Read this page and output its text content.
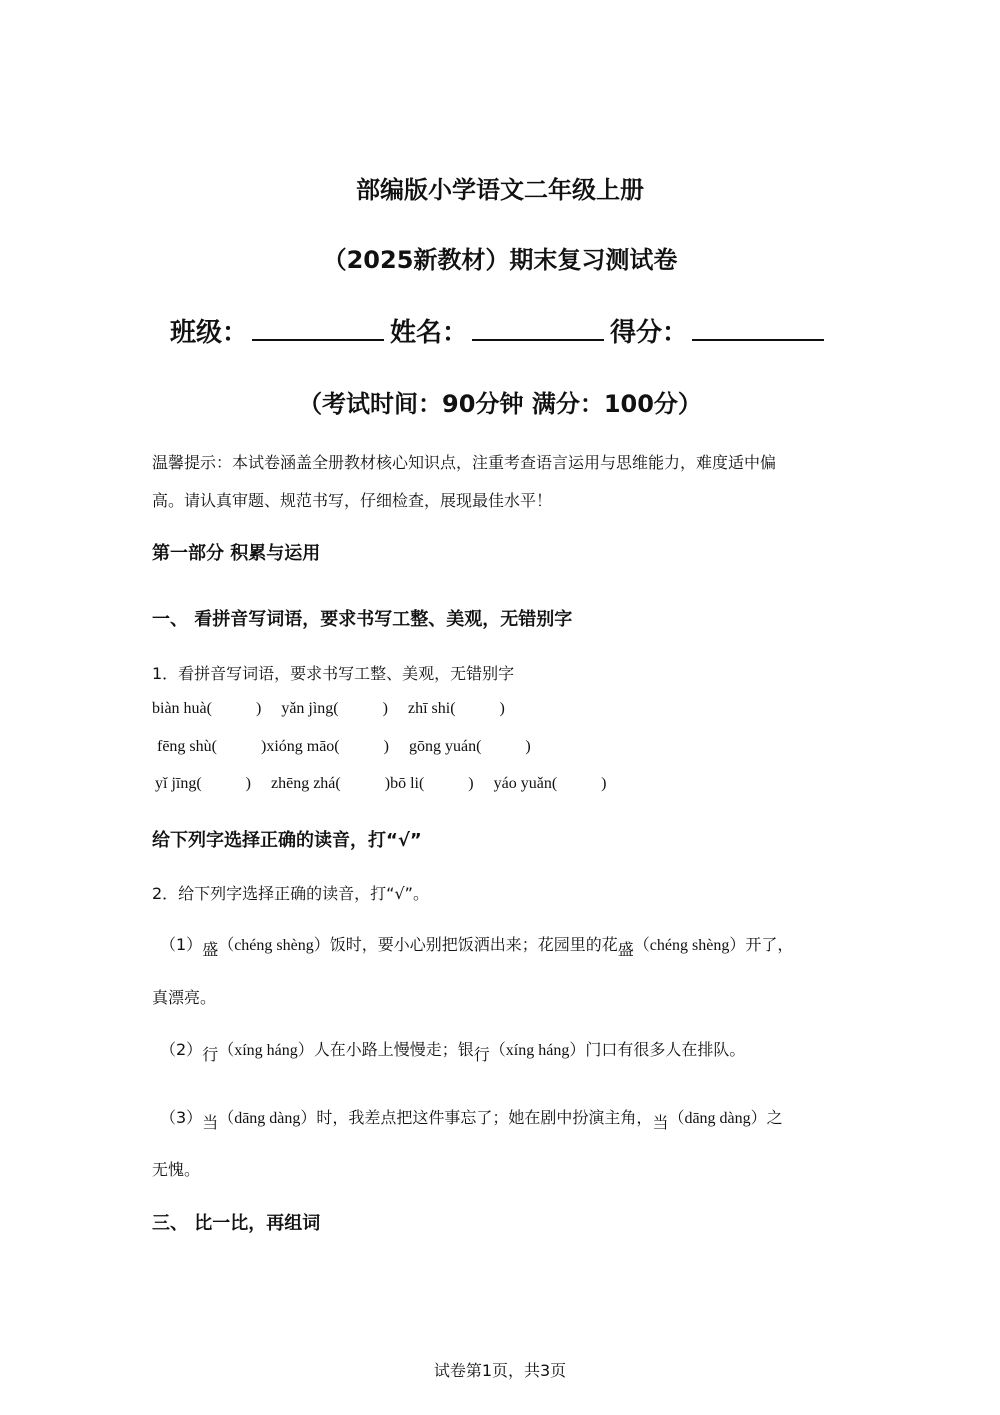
部编版小学语文二年级上册
（2025新教材）期末复习测试卷
班级：	姓名：	得分：
（考试时间：90分钟 满分：100分）
温馨提示：本试卷涵盖全册教材核心知识点，注重考查语言运用与思维能力，难度适中偏
高。请认真审题、规范书写，仔细检查，展现最佳水平！
第一部分 积累与运用
一、 看拼音写词语，要求书写工整、美观，无错别字
1．看拼音写词语，要求书写工整、美观，无错别字
biàn huà(	) yǎn jìng(	) zhī shi(	)
fēng shù(	)xióng māo(	) gōng yuán(	)
yǐ jīng(	) zhēng zhá(	)bō li(	) yáo yuǎn(	)
给下列字选择正确的读音，打“√”
2．给下列字选择正确的读音，打“√”。
（1）盛（chéng shèng）饭时，要小心别把饭洒出来；花园里的花盛（chéng shèng）开了，
真漂亮。
（2）行（xíng háng）人在小路上慢慢走；银行（xíng háng）门口有很多人在排队。
（3）当（dāng dàng）时，我差点把这件事忘了；她在剧中扮演主角，当（dāng dàng）之
无愧。
三、 比一比，再组词
试卷第1页，共3页
